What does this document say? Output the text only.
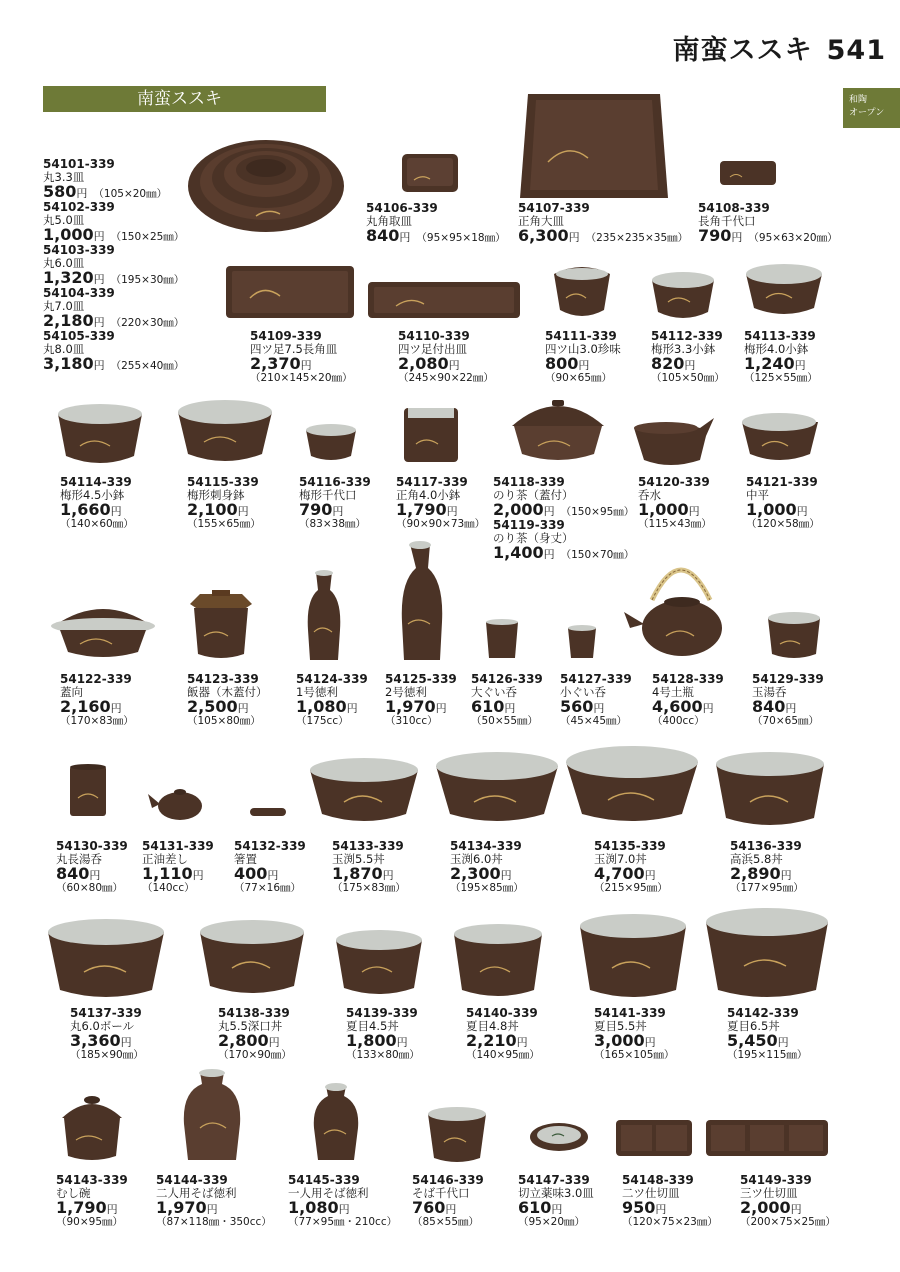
南蛮ススキ 541
南蛮ススキ	和陶
オープン
54101-339
丸3.3皿
580円 （105×20㎜）
54102-339
丸5.0皿
1,000円 （150×25㎜）
54103-339
丸6.0皿
1,320円 （195×30㎜）
54104-339
丸7.0皿
2,180円 （220×30㎜）
54105-339
丸8.0皿
3,180円 （255×40㎜）
54106-339
丸角取皿
840円 （95×95×18㎜）
54107-339
正角大皿
6,300円 （235×235×35㎜）
54108-339
長角千代口
790円 （95×63×20㎜）
54109-339
四ツ足7.5長角皿
2,370円
（210×145×20㎜）
54110-339
四ツ足付出皿
2,080円
（245×90×22㎜）
54111-339
四ツ山3.0珍味
800円
（90×65㎜）
54112-339
梅形3.3小鉢
820円
（105×50㎜）
54113-339
梅形4.0小鉢
1,240円
（125×55㎜）
54114-339
梅形4.5小鉢
1,660円
（140×60㎜）
54115-339
梅形刺身鉢
2,100円
（155×65㎜）
54116-339
梅形千代口
790円
（83×38㎜）
54117-339
正角4.0小鉢
1,790円
（90×90×73㎜）
54118-339
のり茶（蓋付）
2,000円 （150×95㎜）
54119-339
のり茶（身丈）
1,400円 （150×70㎜）
54120-339
呑水
1,000円
（115×43㎜）
54121-339
中平
1,000円
（120×58㎜）
54122-339
蓋向
2,160円
（170×83㎜）
54123-339
飯器（木蓋付）
2,500円
（105×80㎜）
54124-339
1号徳利
1,080円
（175cc）
54125-339
2号徳利
1,970円
（310cc）
54126-339
大ぐい呑
610円
（50×55㎜）
54127-339
小ぐい呑
560円
（45×45㎜）
54128-339
4号土瓶
4,600円
（400cc）
54129-339
玉湯呑
840円
（70×65㎜）
54130-339
丸長湯呑
840円
（60×80㎜）
54131-339
正油差し
1,110円
（140cc）
54132-339
箸置
400円
（77×16㎜）
54133-339
玉渕5.5丼
1,870円
（175×83㎜）
54134-339
玉渕6.0丼
2,300円
（195×85㎜）
54135-339
玉渕7.0丼
4,700円
（215×95㎜）
54136-339
高浜5.8丼
2,890円
（177×95㎜）
54137-339
丸6.0ボール
3,360円
（185×90㎜）
54138-339
丸5.5深口丼
2,800円
（170×90㎜）
54139-339
夏目4.5丼
1,800円
（133×80㎜）
54140-339
夏目4.8丼
2,210円
（140×95㎜）
54141-339
夏目5.5丼
3,000円
（165×105㎜）
54142-339
夏目6.5丼
5,450円
（195×115㎜）
54143-339
むし碗
1,790円
（90×95㎜）
54144-339
二人用そば徳利
1,970円
（87×118㎜・350cc）
54145-339
一人用そば徳利
1,080円
（77×95㎜・210cc）
54146-339
そば千代口
760円
（85×55㎜）
54147-339
切立薬味3.0皿
610円
（95×20㎜）
54148-339
二ツ仕切皿
950円
（120×75×23㎜）
54149-339
三ツ仕切皿
2,000円
（200×75×25㎜）
